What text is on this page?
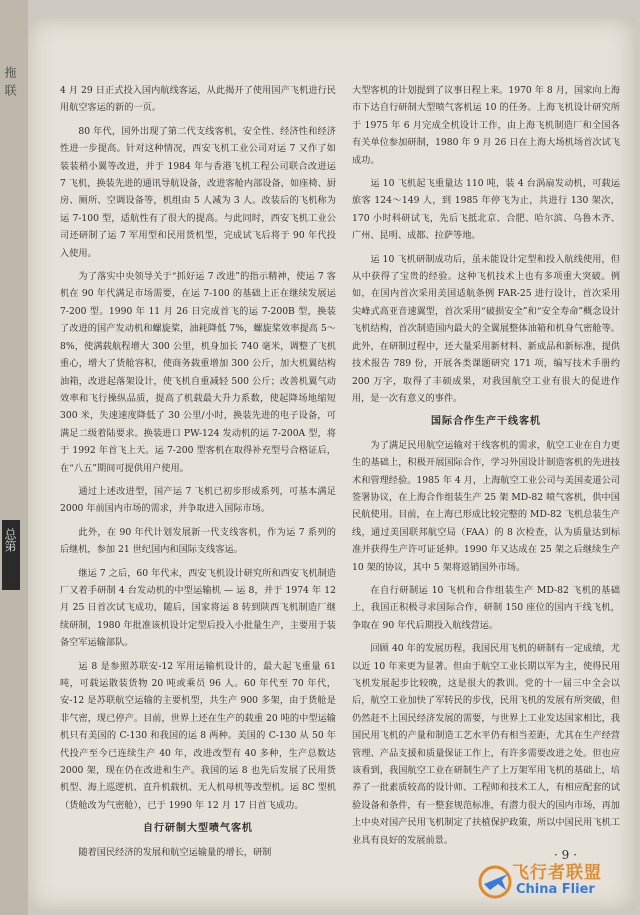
拖
联
总第

4 月 29 日正式投入国内航线客运，从此揭开了使用国产飞机进行民用航空客运的新的一页。

80 年代，国外出现了第二代支线客机，安全性、经济性和经济性进一步提高。针对这种情况，西安飞机工业公司对运 7 又作了如装装稍小翼等改进，并于 1984 年与香港飞机工程公司联合改进运 7 飞机，换装先进的通讯导航设备，改进客舱内部设备，如座椅、厨房、厕所、空调设备等，机组由 5 人减为 3 人。改装后的飞机称为运 7-100 型，适航性有了很大的提高。与此同时，西安飞机工业公司还研制了运 7 军用型和民用货机型，完成试飞后将于 90 年代投入使用。

为了落实中央领导关于“抓好运 7 改进”的指示精神，使运 7 客机在 90 年代满足市场需要，在运 7-100 的基础上正在继续发展运 7-200 型。1990 年 11 月 26 日完成首飞的运 7-200B 型，换装了改进的国产发动机和螺旋桨，油耗降低 7%，螺旋桨效率提高 5～8%，使满载航程增大 300 公里，机身加长 740 毫米，调整了飞机重心，增大了货舱容积，使商务载重增加 300 公斤，加大机翼结构油箱，改进起落架设计，使飞机自重减轻 500 公斤；改善机翼气动效率和飞行操纵品质，提高了机载最大升力系数，使起降场地缩短 300 米，失速速度降低了 30 公里/小时，换装先进的电子设备，可满足二级着陆要求。换装进口 PW-124 发动机的运 7-200A 型，将于 1992 年首飞上天。运 7-200 型客机在取得补充型号合格证后，在“八五”期间可提供用户使用。

通过上述改进型，国产运 7 飞机已初步形成系列，可基本满足 2000 年前国内市场的需求，并争取进入国际市场。

此外，在 90 年代计划发展新一代支线客机，作为运 7 系列的后继机，参加 21 世纪国内和国际支线客运。

继运 7 之后，60 年代末，西安飞机设计研究所和西安飞机制造厂又着手研制 4 台发动机的中型运输机 — 运 8，并于 1974 年 12 月 25 日首次试飞成功，随后，国家将运 8 转到陕西飞机制造厂继续研制，1980 年批准该机设计定型后投入小批量生产，主要用于装备空军运输部队。

运 8 是参照苏联安-12 军用运输机设计的，最大起飞重量 61 吨，可载运散装货物 20 吨或乘员 96 人。60 年代至 70 年代，安-12 是苏联航空运输的主要机型，共生产 900 多架，由于货舱是非气密，现已停产。目前，世界上还在生产的载重 20 吨的中型运输机只有美国的 C-130 和我国的运 8 两种。美国的 C-130 从 50 年代投产至今已连续生产 40 年，改进改型有 40 多种，生产总数达 2000 架，现在仍在改进和生产。我国的运 8 也先后发展了民用货机型、海上巡逻机、直升机载机、无人机母机等改型机。运 8C 型机（货舱改为气密舱），已于 1990 年 12 月 17 日首飞成功。

自行研制大型喷气客机

随着国民经济的发展和航空运输量的增长，研制

大型客机的计划提到了议事日程上来。1970 年 8 月，国家向上海市下达自行研制大型喷气客机运 10 的任务。上海飞机设计研究所于 1975 年 6 月完成全机设计工作，由上海飞机制造厂和全国各有关单位参加研制，1980 年 9 月 26 日在上海大场机场首次试飞成功。

运 10 飞机起飞重量达 110 吨，装 4 台涡扇发动机，可载运旅客 124～149 人，到 1985 年停飞为止，共进行 130 架次，170 小时科研试飞，先后飞抵北京、合肥、哈尔滨、乌鲁木齐、广州、昆明、成都、拉萨等地。

运 10 飞机研制成功后，虽未能设计定型和投入航线使用，但从中获得了宝贵的经验。这种飞机技术上也有多项重大突破。例如，在国内首次采用美国适航条例 FAR-25 进行设计，首次采用尖峰式高亚音速翼型，首次采用“破损安全”和“安全寿命”概念设计飞机结构，首次制造国内最大的全翼展整体油箱和机身气密舱等。此外，在研制过程中，还大量采用新材料、新成品和新标准，提供技术报告 789 份，开展各类课题研究 171 项，编写技术手册约 200 万字，取得了丰硕成果，对我国航空工业有很大的促进作用，是一次有意义的事件。

国际合作生产干线客机

为了满足民用航空运输对干线客机的需求，航空工业在自力更生的基础上，积极开展国际合作，学习外国设计制造客机的先进技术和管理经验。1985 年 4 月，上海航空工业公司与美国麦道公司签署协议，在上海合作组装生产 25 架 MD-82 喷气客机，供中国民航使用。目前，在上海已形成比较完整的 MD-82 飞机总装生产线，通过美国联邦航空局（FAA）的 8 次检查，认为质量达到标准并获得生产许可证延伸。1990 年又达成在 25 架之后继续生产 10 架的协议，其中 5 架将返销国外市场。

在自行研制运 10 飞机和合作组装生产 MD-82 飞机的基础上，我国正积极寻求国际合作，研制 150 座位的国内干线飞机，争取在 90 年代后期投入航线营运。

回顾 40 年的发展历程，我国民用飞机的研制有一定成绩，尤以近 10 年来更为显著。但由于航空工业长期以军为主，使得民用飞机发展起步比较晚，这是很大的教训。党的十一届三中全会以后，航空工业加快了军转民的步伐，民用飞机的发展有所突破，但仍然赶不上国民经济发展的需要，与世界上工业发达国家相比，我国民用飞机的产量和制造工艺水平仍有相当差距，尤其在生产经营管理、产品支援和质量保证工作上，有许多需要改进之处。但也应该看到，我国航空工业在研制生产了上万架军用飞机的基础上，培养了一批素质较高的设计师、工程师和技术工人，有相应配套的试验设备和条件，有一整套规范标准，有潜力很大的国内市场，再加上中央对国产民用飞机制定了扶植保护政策，所以中国民用飞机工业具有良好的发展前景。

· 9 ·
飞行者联盟
China Flier
